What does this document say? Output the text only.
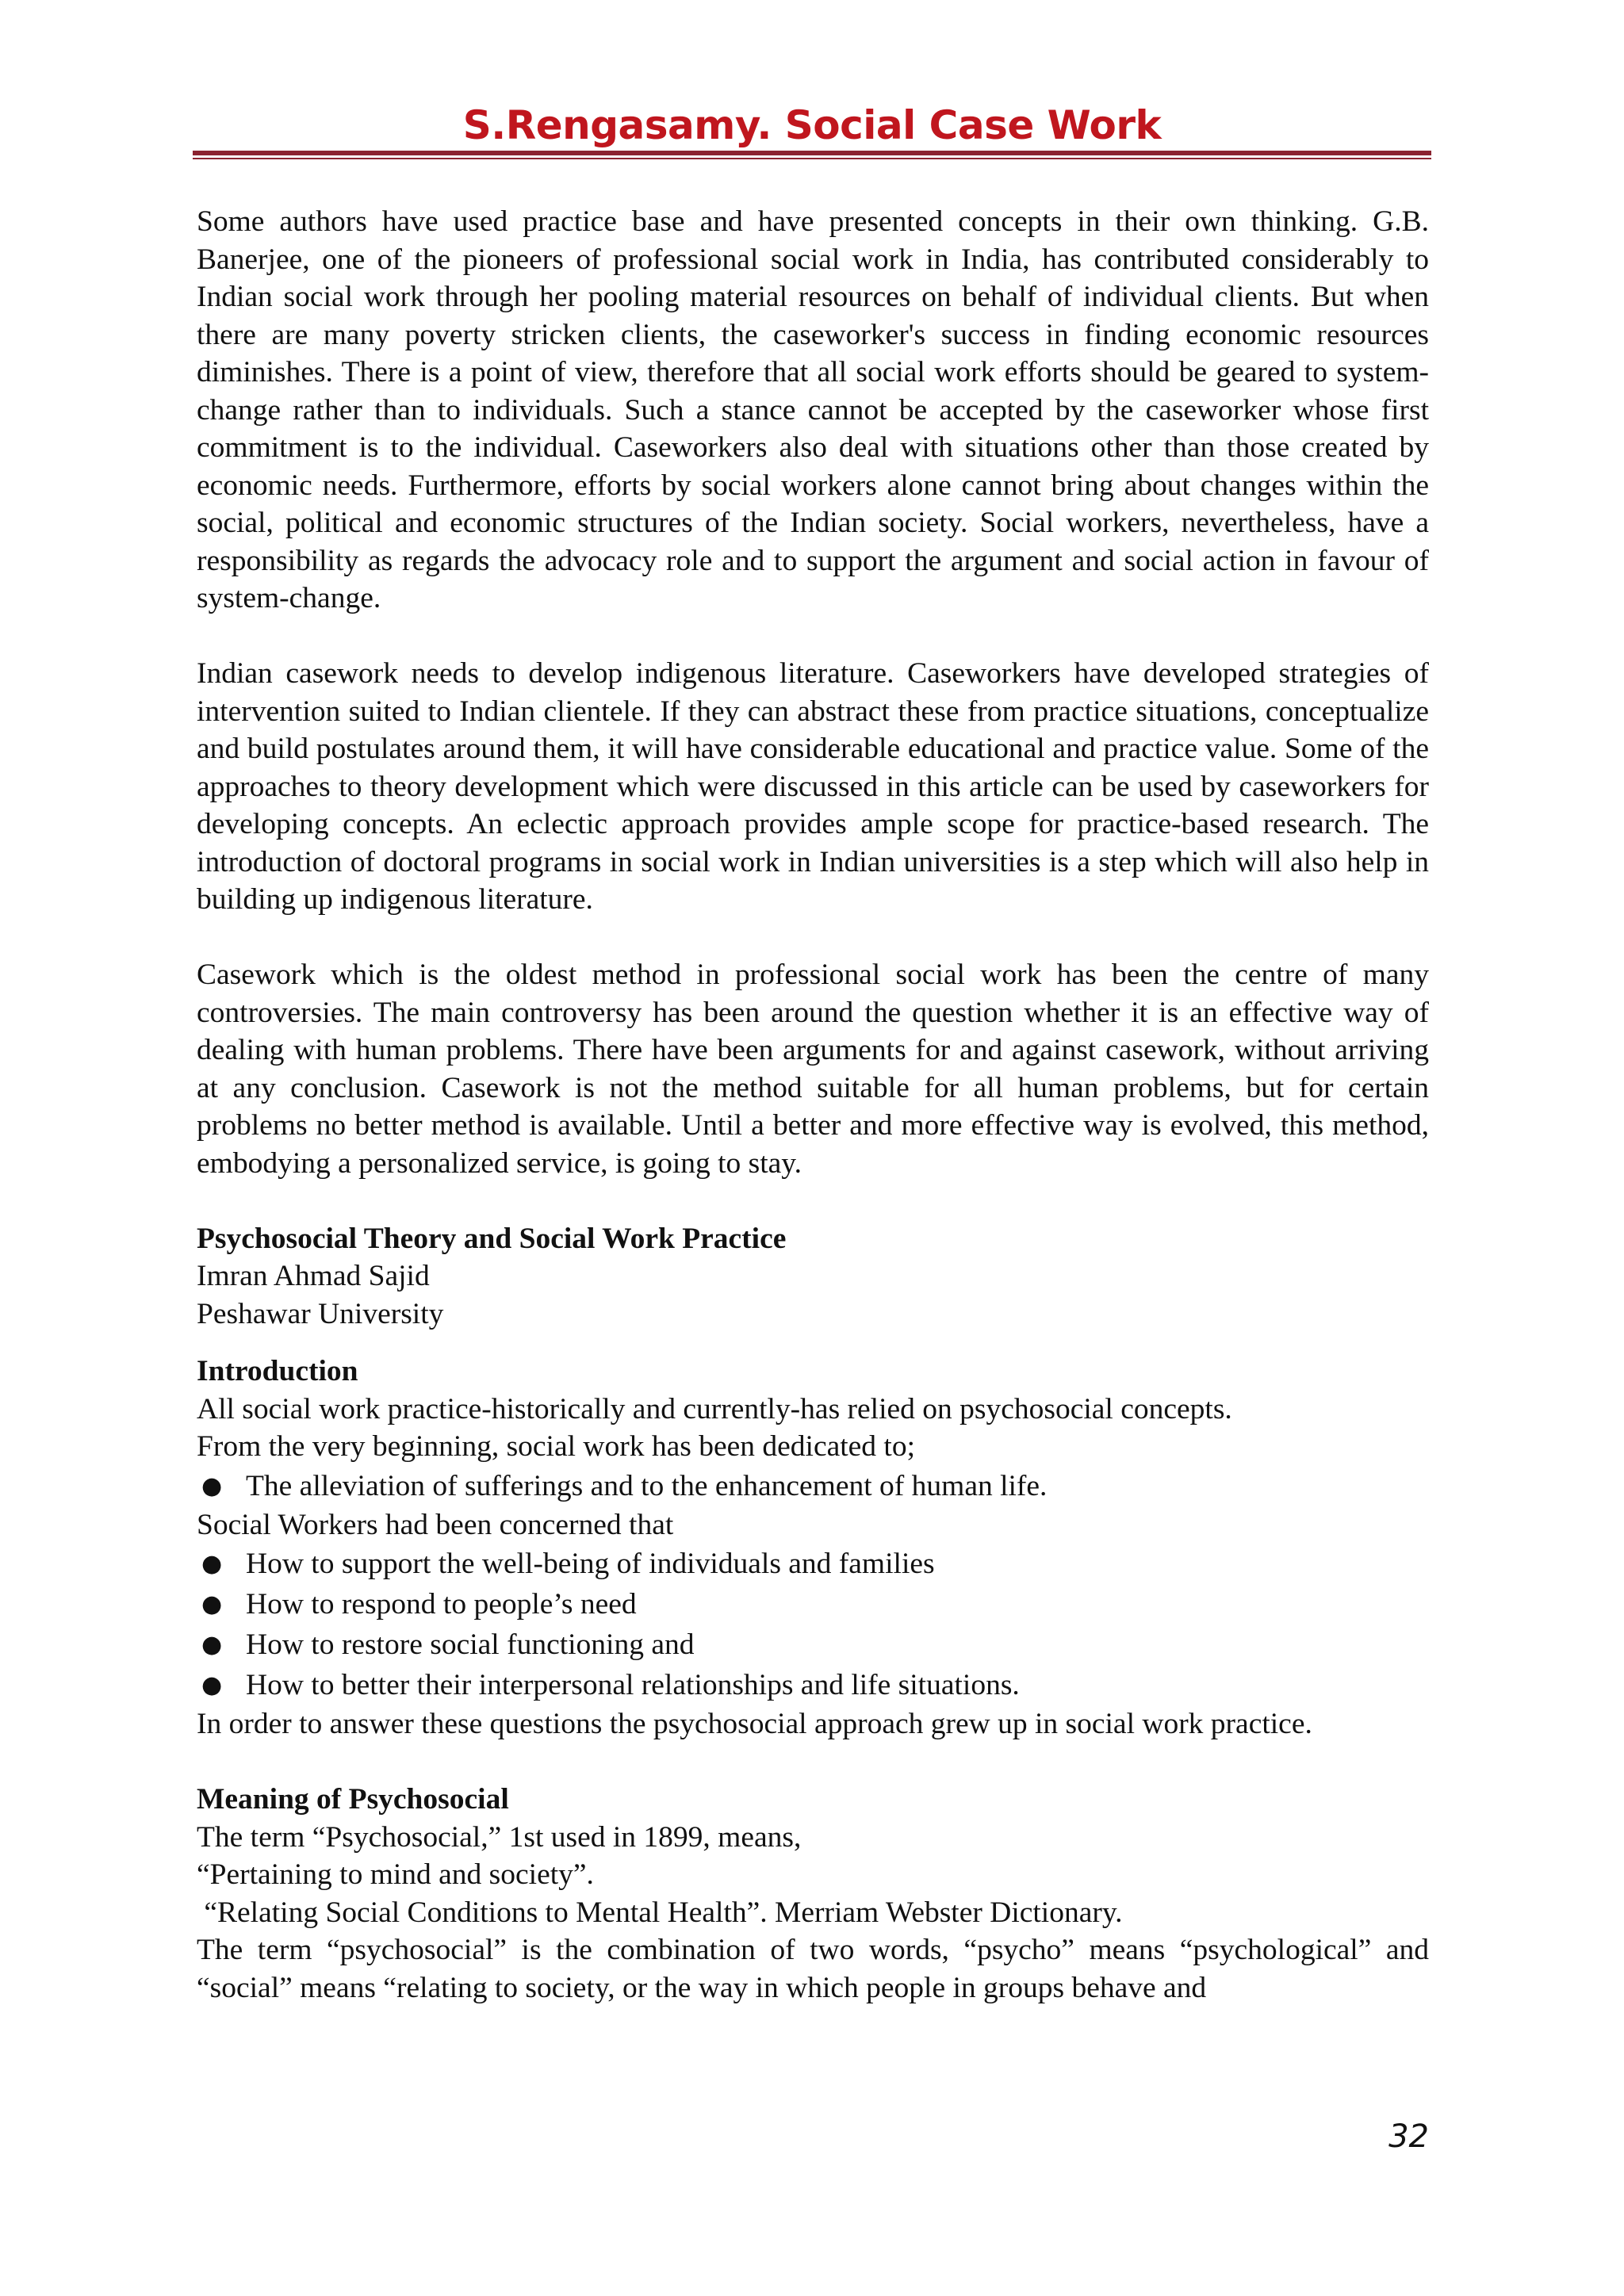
S.Rengasamy. Social Case Work

Some authors have used practice base and have presented concepts in their own thinking. G.B. Banerjee, one of the pioneers of professional social work in India, has contributed considerably to Indian social work through her pooling material resources on behalf of individual clients. But when there are many poverty stricken clients, the caseworker's success in finding economic resources diminishes. There is a point of view, therefore that all social work efforts should be geared to system-change rather than to individuals. Such a stance cannot be accepted by the caseworker whose first commitment is to the individual. Caseworkers also deal with situations other than those created by economic needs. Furthermore, efforts by social workers alone cannot bring about changes within the social, political and economic structures of the Indian society. Social workers, nevertheless, have a responsibility as regards the advocacy role and to support the argument and social action in favour of system-change.

Indian casework needs to develop indigenous literature. Caseworkers have developed strategies of intervention suited to Indian clientele. If they can abstract these from practice situations, conceptualize and build postulates around them, it will have considerable educational and practice value. Some of the approaches to theory development which were discussed in this article can be used by caseworkers for developing concepts. An eclectic approach provides ample scope for practice-based research. The introduction of doctoral programs in social work in Indian universities is a step which will also help in building up indigenous literature.

Casework which is the oldest method in professional social work has been the centre of many controversies. The main controversy has been around the question whether it is an effective way of dealing with human problems. There have been arguments for and against casework, without arriving at any conclusion. Casework is not the method suitable for all human problems, but for certain problems no better method is available. Until a better and more effective way is evolved, this method, embodying a personalized service, is going to stay.

Psychosocial Theory and Social Work Practice

Imran Ahmad Sajid

Peshawar University

Introduction

All social work practice-historically and currently-has relied on psychosocial concepts.

From the very beginning, social work has been dedicated to;

● The alleviation of sufferings and to the enhancement of human life.

Social Workers had been concerned that

● How to support the well-being of individuals and families
● How to respond to people’s need
● How to restore social functioning and
● How to better their interpersonal relationships and life situations.

In order to answer these questions the psychosocial approach grew up in social work practice.

Meaning of Psychosocial

The term “Psychosocial,” 1st used in 1899, means,

“Pertaining to mind and society”.

“Relating Social Conditions to Mental Health”. Merriam Webster Dictionary.

The term “psychosocial” is the combination of two words, “psycho” means “psychological” and “social” means “relating to society, or the way in which people in groups behave and

32
